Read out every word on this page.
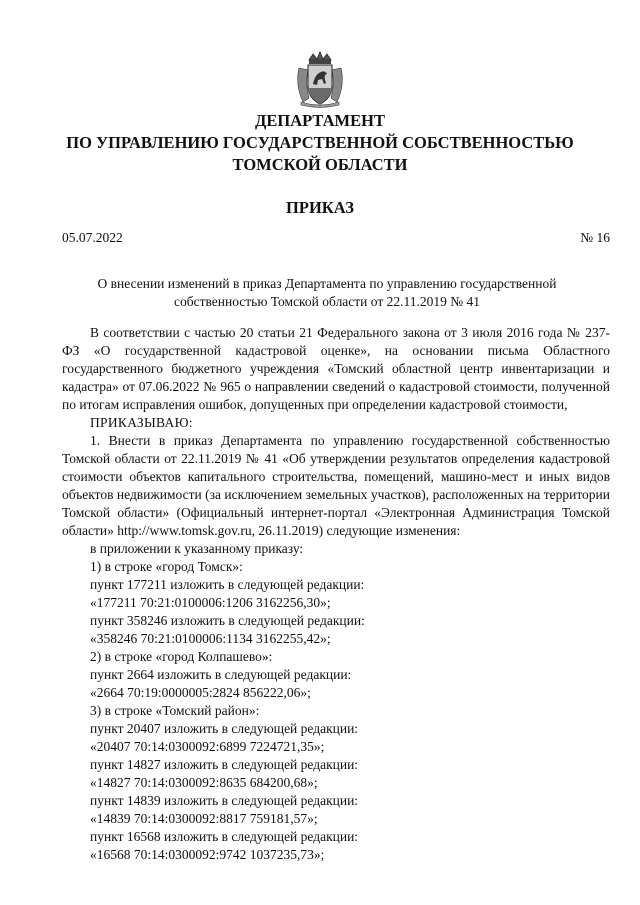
ДЕПАРТАМЕНТ
ПО УПРАВЛЕНИЮ ГОСУДАРСТВЕННОЙ СОБСТВЕННОСТЬЮ
ТОМСКОЙ ОБЛАСТИ
ПРИКАЗ
05.07.2022	№ 16
О внесении изменений в приказ Департамента по управлению государственной собственностью Томской области от 22.11.2019 № 41

В соответствии с частью 20 статьи 21 Федерального закона от 3 июля 2016 года № 237-ФЗ «О государственной кадастровой оценке», на основании письма Областного государственного бюджетного учреждения «Томский областной центр инвентаризации и кадастра» от 07.06.2022 № 965 о направлении сведений о кадастровой стоимости, полученной по итогам исправления ошибок, допущенных при определении кадастровой стоимости,

ПРИКАЗЫВАЮ:

1. Внести в приказ Департамента по управлению государственной собственностью Томской области от 22.11.2019 № 41 «Об утверждении результатов определения кадастровой стоимости объектов капитального строительства, помещений, машино-мест и иных видов объектов недвижимости (за исключением земельных участков), расположенных на территории Томской области» (Официальный интернет-портал «Электронная Администрация Томской области» http://www.tomsk.gov.ru, 26.11.2019) следующие изменения:

в приложении к указанному приказу:

1) в строке «город Томск»:

пункт 177211 изложить в следующей редакции:

«177211 70:21:0100006:1206 3162256,30»;

пункт 358246 изложить в следующей редакции:

«358246 70:21:0100006:1134 3162255,42»;

2) в строке «город Колпашево»:

пункт 2664 изложить в следующей редакции:

«2664 70:19:0000005:2824 856222,06»;

3) в строке «Томский район»:

пункт 20407 изложить в следующей редакции:

«20407 70:14:0300092:6899 7224721,35»;

пункт 14827 изложить в следующей редакции:

«14827 70:14:0300092:8635 684200,68»;

пункт 14839 изложить в следующей редакции:

«14839 70:14:0300092:8817 759181,57»;

пункт 16568 изложить в следующей редакции:

«16568 70:14:0300092:9742 1037235,73»;
